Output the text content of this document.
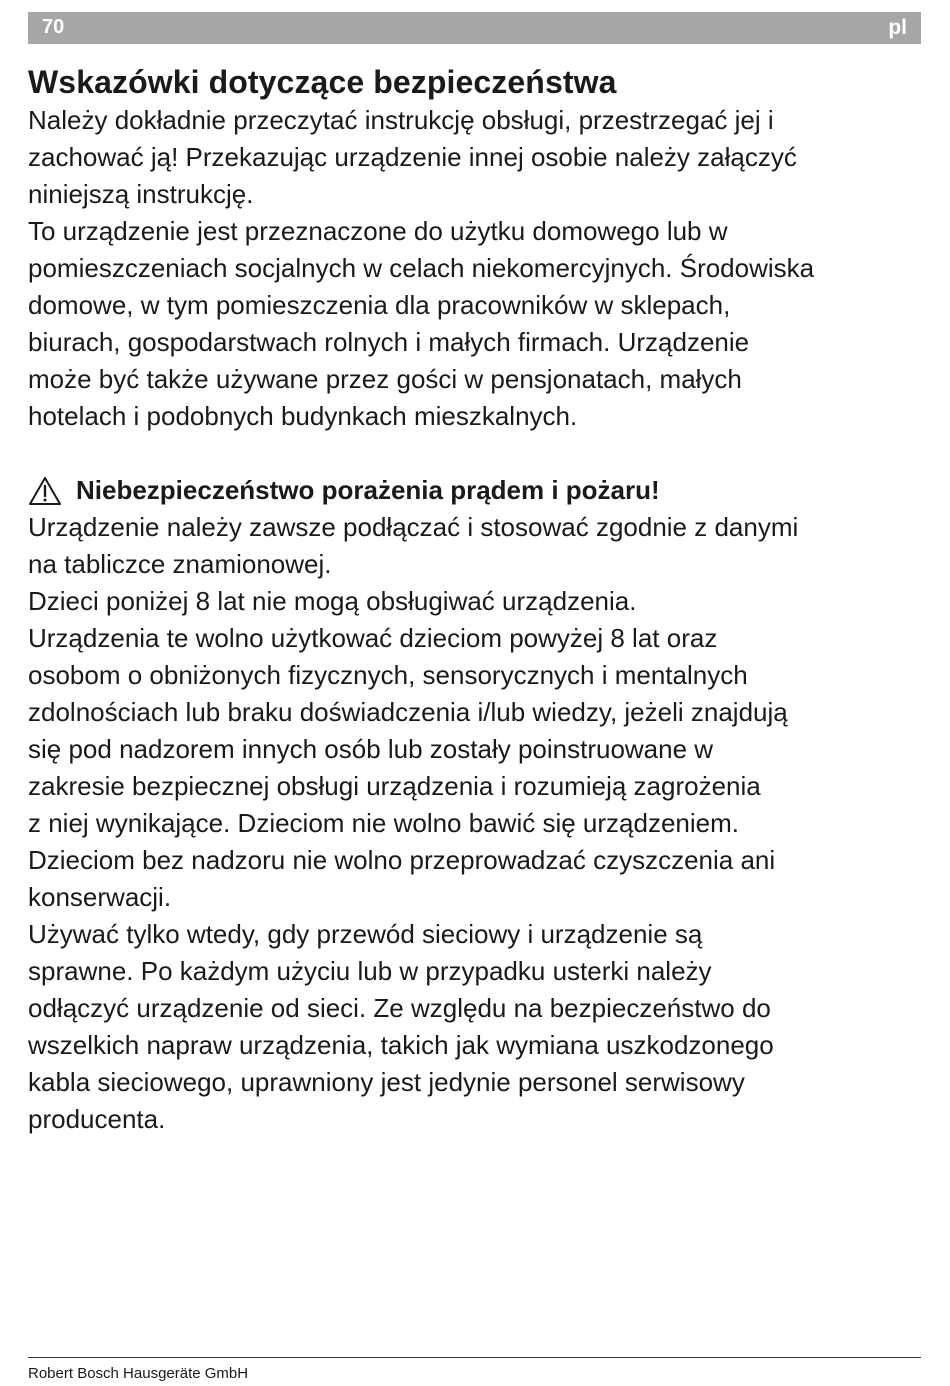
70	pl
Wskazówki dotyczące bezpieczeństwa
Należy dokładnie przeczytać instrukcję obsługi, przestrzegać jej i
zachować ją! Przekazując urządzenie innej osobie należy załączyć
niniejszą instrukcję.
To urządzenie jest przeznaczone do użytku domowego lub w
pomieszczeniach socjalnych w celach niekomercyjnych. Środowiska
domowe, w tym pomieszczenia dla pracowników w sklepach,
biurach, gospodarstwach rolnych i małych firmach. Urządzenie
może być także używane przez gości w pensjonatach, małych
hotelach i podobnych budynkach mieszkalnych.
Niebezpieczeństwo porażenia prądem i pożaru!
Urządzenie należy zawsze podłączać i stosować zgodnie z danymi
na tabliczce znamionowej.
Dzieci poniżej 8 lat nie mogą obsługiwać urządzenia.
Urządzenia te wolno użytkować dzieciom powyżej 8 lat oraz
osobom o obniżonych fizycznych, sensorycznych i mentalnych
zdolnościach lub braku doświadczenia i/lub wiedzy, jeżeli znajdują
się pod nadzorem innych osób lub zostały poinstruowane w
zakresie bezpiecznej obsługi urządzenia i rozumieją zagrożenia
z niej wynikające. Dzieciom nie wolno bawić się urządzeniem.
Dzieciom bez nadzoru nie wolno przeprowadzać czyszczenia ani
konserwacji.
Używać tylko wtedy, gdy przewód sieciowy i urządzenie są
sprawne. Po każdym użyciu lub w przypadku usterki należy
odłączyć urządzenie od sieci. Ze względu na bezpieczeństwo do
wszelkich napraw urządzenia, takich jak wymiana uszkodzonego
kabla sieciowego, uprawniony jest jedynie personel serwisowy
producenta.
Robert Bosch Hausgeräte GmbH
